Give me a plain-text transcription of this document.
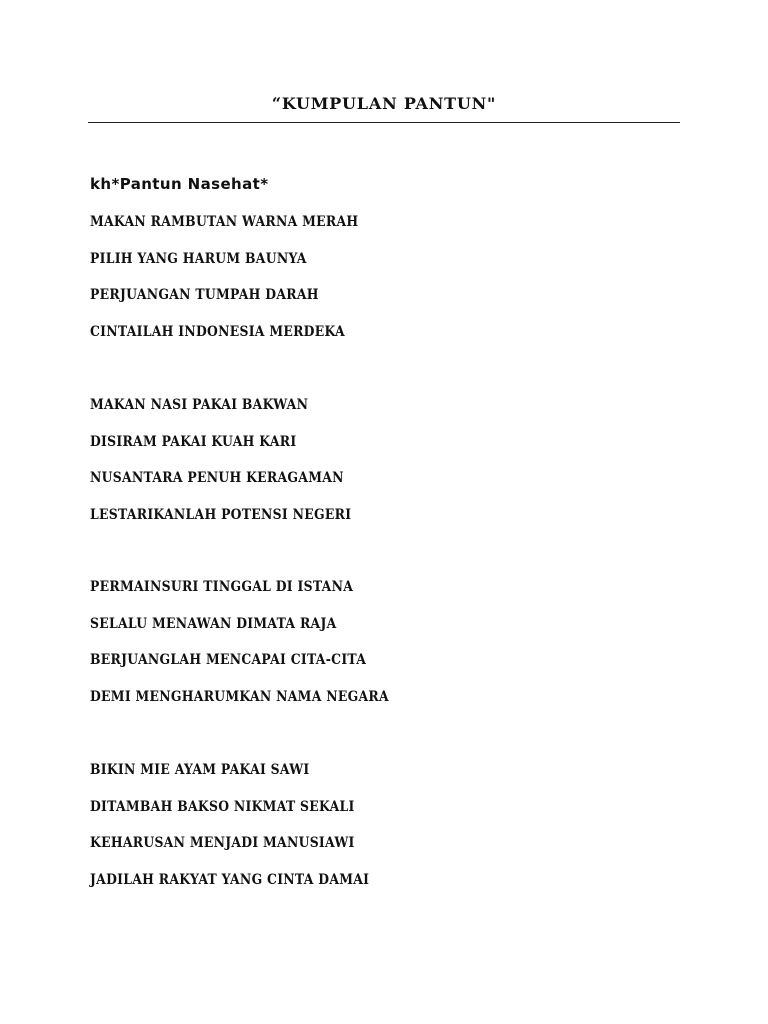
“KUMPULAN PANTUN"
kh*Pantun Nasehat*
MAKAN RAMBUTAN WARNA MERAH
PILIH YANG HARUM BAUNYA
PERJUANGAN TUMPAH DARAH
CINTAILAH INDONESIA MERDEKA
MAKAN NASI PAKAI BAKWAN
DISIRAM PAKAI KUAH KARI
NUSANTARA PENUH KERAGAMAN
LESTARIKANLAH POTENSI NEGERI
PERMAINSURI TINGGAL DI ISTANA
SELALU MENAWAN DIMATA RAJA
BERJUANGLAH MENCAPAI CITA-CITA
DEMI MENGHARUMKAN NAMA NEGARA
BIKIN MIE AYAM PAKAI SAWI
DITAMBAH BAKSO NIKMAT SEKALI
KEHARUSAN MENJADI MANUSIAWI
JADILAH RAKYAT YANG CINTA DAMAI
